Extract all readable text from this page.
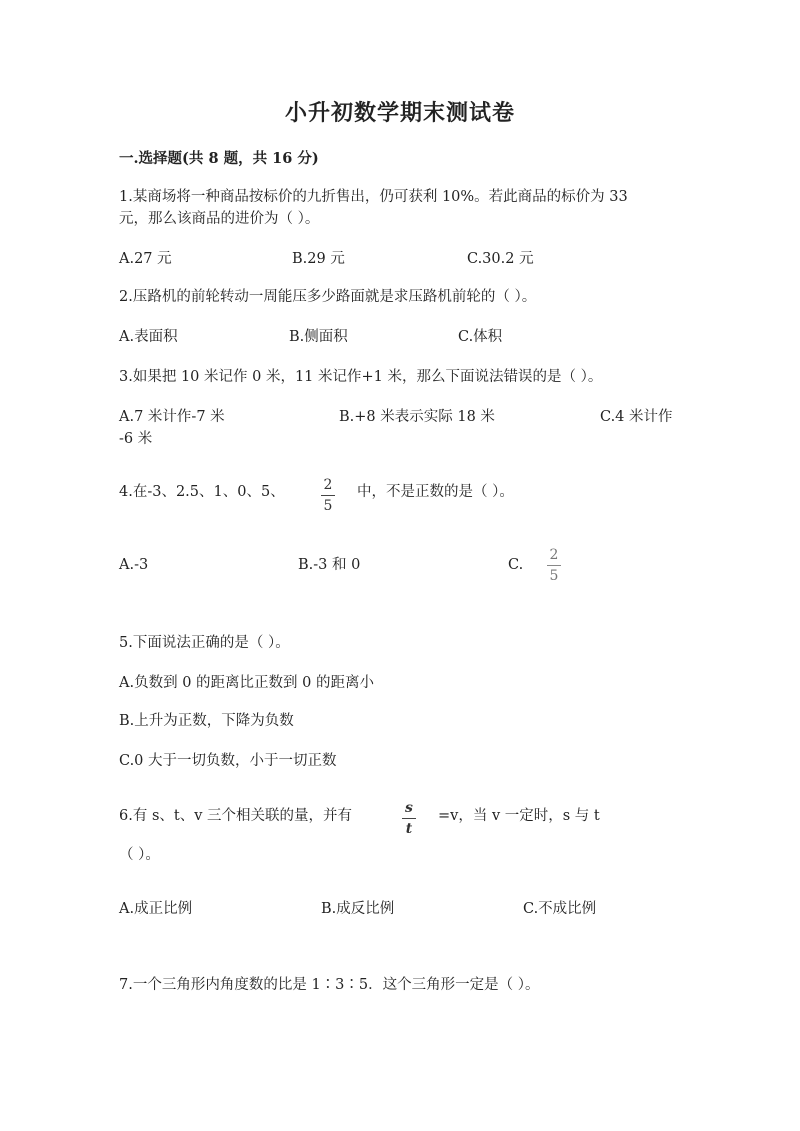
小升初数学期末测试卷
一.选择题(共 8 题，共 16 分)
1.某商场将一种商品按标价的九折售出，仍可获利 10%。若此商品的标价为 33
元，那么该商品的进价为（ ）。
A.27 元	B.29 元	C.30.2 元
2.压路机的前轮转动一周能压多少路面就是求压路机前轮的（ ）。
A.表面积	B.侧面积	C.体积
3.如果把 10 米记作 0 米，11 米记作+1 米，那么下面说法错误的是（ ）。
A.7 米计作-7 米	B.+8 米表示实际 18 米	C.4 米计作
-6 米
4.在-3、2.5、1、0、5、	2
5
中，不是正数的是（ ）。
A.-3	B.-3 和 0	C.
2
5
5.下面说法正确的是（ ）。
A.负数到 0 的距离比正数到 0 的距离小
B.上升为正数，下降为负数
C.0 大于一切负数，小于一切正数
6.有 s、t、v 三个相关联的量，并有	s
t
=v，当 v 一定时，s 与 t
（ ）。
A.成正比例	B.成反比例	C.不成比例
7.一个三角形内角度数的比是 1∶3∶5．这个三角形一定是（ ）。
